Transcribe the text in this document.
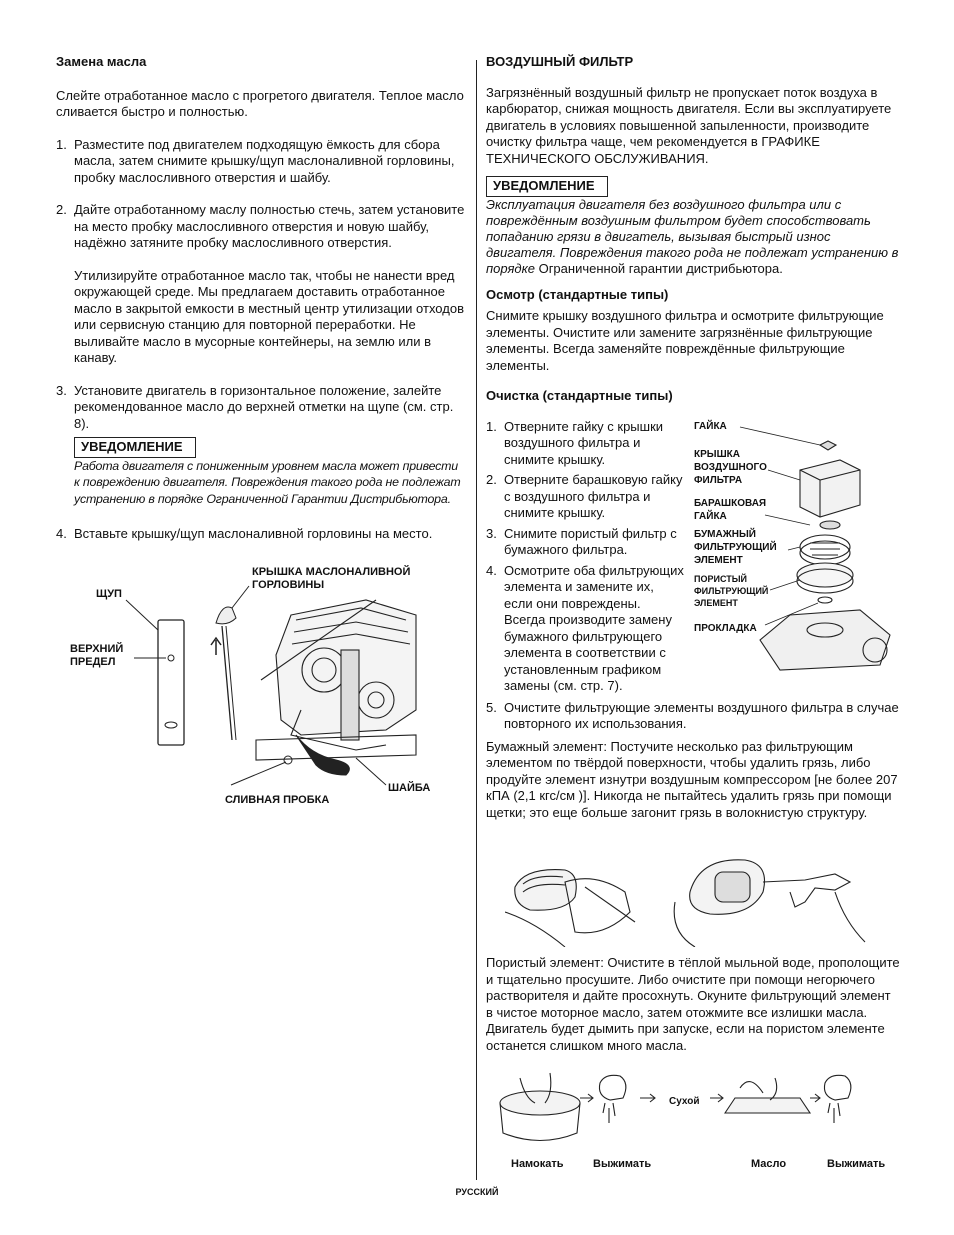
Замена масла

Слейте отработанное масло с прогретого двигателя. Теплое масло сливается быстро и полностью.

1. Разместите под двигателем подходящую ёмкость для сбора масла, затем снимите крышку/щуп маслоналивной горловины, пробку маслосливного отверстия и шайбу.
2. Дайте отработанному маслу полностью стечь, затем установите на место пробку маслосливного отверстия и новую шайбу, надёжно затяните пробку маслосливного отверстия.

Утилизируйте отработанное масло так, чтобы не нанести вред окружающей среде. Мы предлагаем доставить отработанное масло в закрытой емкости в местный центр утилизации отходов или сервисную станцию для повторной переработки. Не выливайте масло в мусорные контейнеры, на землю или в канаву.

3. Установите двигатель в горизонтальное положение, залейте рекомендованное масло до верхней отметки на щупе (см. стр. 8).
УВЕДОМЛЕНИЕ

Работа двигателя с пониженным уровнем масла может привести к повреждению двигателя. Повреждения такого рода не подлежат устранению в порядке Ограниченной Гарантии Дистрибьютора.

4. Вставьте крышку/щуп маслоналивной горловины на место.
ЩУП
ВЕРХНИЙ ПРЕДЕЛ
КРЫШКА МАСЛОНАЛИВНОЙ ГОРЛОВИНЫ
ШАЙБА
СЛИВНАЯ ПРОБКА
ВОЗДУШНЫЙ ФИЛЬТР

Загрязнённый воздушный фильтр не пропускает поток воздуха в карбюратор, снижая мощность двигателя. Если вы эксплуатируете двигатель в условиях повышенной запыленности, производите очистку фильтра чаще, чем рекомендуется в ГРАФИКЕ ТЕХНИЧЕСКОГО ОБСЛУЖИВАНИЯ.

УВЕДОМЛЕНИЕ

Эксплуатация двигателя без воздушного фильтра или с повреждённым воздушным фильтром будет способствовать попаданию грязи в двигатель, вызывая быстрый износ двигателя. Повреждения такого рода не подлежат устранению в порядке Ограниченной гарантии дистрибьютора.

Осмотр (стандартные типы)

Снимите крышку воздушного фильтра и осмотрите фильтрующие элементы. Очистите или замените загрязнённые фильтрующие элементы. Всегда заменяйте повреждённые фильтрующие элементы.

Очистка (стандартные типы)
1. Отверните гайку с крышки воздушного фильтра и снимите крышку.
2. Отверните барашковую гайку с воздушного фильтра и снимите крышку.
3. Снимите пористый фильтр с бумажного фильтра.
4. Осмотрите оба фильтрующих элемента и замените их, если они повреждены. Всегда производите замену бумажного фильтрующего элемента в соответствии с установленным графиком замены (см. стр. 7).
5. Очистите фильтрующие элементы воздушного фильтра в случае повторного их использования.

Бумажный элемент: Постучите несколько раз фильтрующим элементом по твёрдой поверхности, чтобы удалить грязь, либо продуйте элемент изнутри воздушным компрессором [не более 207 кПА (2,1 кгс/см )]. Никогда не пытайтесь удалить грязь при помощи щетки; это еще больше загонит грязь в волокнистую структуру.

ГАЙКА
КРЫШКА ВОЗДУШНОГО ФИЛЬТРА
БАРАШКОВАЯ ГАЙКА
БУМАЖНЫЙ ФИЛЬТРУЮЩИЙ ЭЛЕМЕНТ
ПОРИСТЫЙ ФИЛЬТРУЮЩИЙ ЭЛЕМЕНТ
ПРОКЛАДКА

Пористый элемент: Очистите в тёплой мыльной воде, прополощите и тщательно просушите. Либо очистите при помощи негорючего растворителя и дайте просохнуть. Окуните фильтрующий элемент в чистое моторное масло, затем отожмите все излишки масла. Двигатель будет дымить при запуске, если на пористом элементе останется слишком много масла.

Сухой
Намокать	Выжимать	Масло	Выжимать
РУССКИЙ
